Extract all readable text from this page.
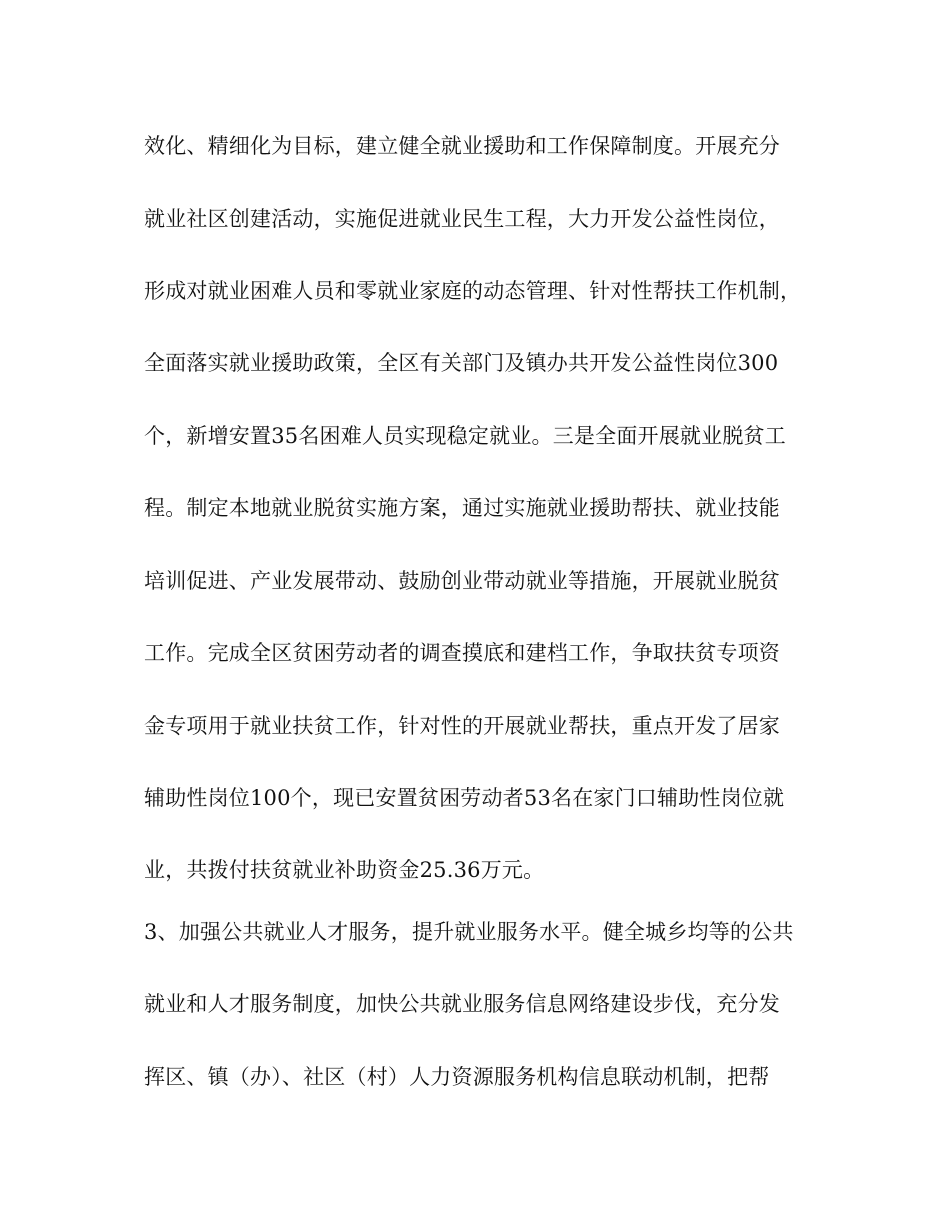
效化、精细化为目标，建立健全就业援助和工作保障制度。开展充分
就业社区创建活动，实施促进就业民生工程，大力开发公益性岗位，
形成对就业困难人员和零就业家庭的动态管理、针对性帮扶工作机制，
全面落实就业援助政策，全区有关部门及镇办共开发公益性岗位300
个，新增安置35名困难人员实现稳定就业。三是全面开展就业脱贫工
程。制定本地就业脱贫实施方案，通过实施就业援助帮扶、就业技能
培训促进、产业发展带动、鼓励创业带动就业等措施，开展就业脱贫
工作。完成全区贫困劳动者的调查摸底和建档工作，争取扶贫专项资
金专项用于就业扶贫工作，针对性的开展就业帮扶，重点开发了居家
辅助性岗位100个，现已安置贫困劳动者53名在家门口辅助性岗位就
业，共拨付扶贫就业补助资金25.36万元。
3、加强公共就业人才服务，提升就业服务水平。健全城乡均等的公共
就业和人才服务制度，加快公共就业服务信息网络建设步伐，充分发
挥区、镇（办）、社区（村）人力资源服务机构信息联动机制，把帮
